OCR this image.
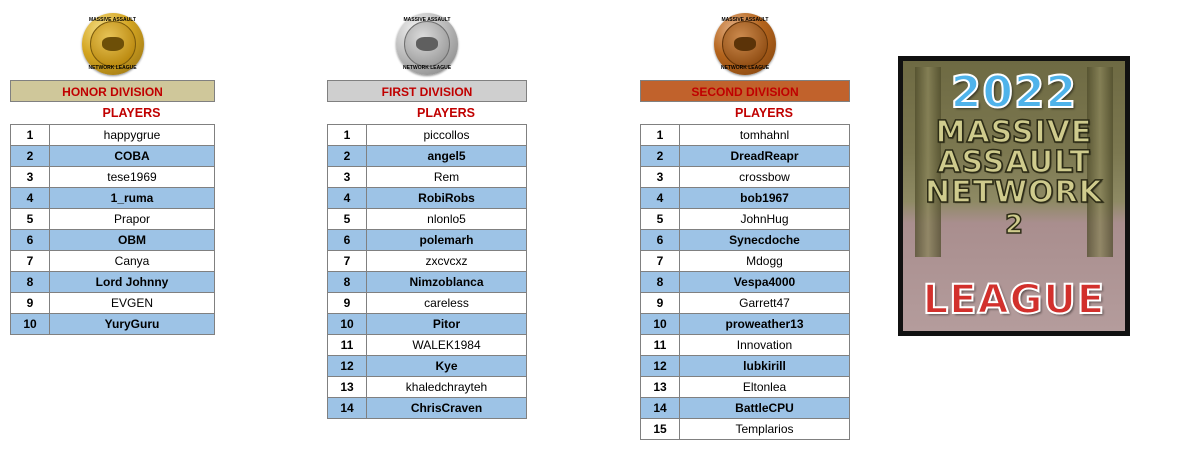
MASSIVE ASSAULT
NETWORK LEAGUE
HONOR DIVISION
PLAYERS
1	happygrue
2	COBA
3	tese1969
4	1_ruma
5	Prapor
6	OBM
7	Canya
8	Lord Johnny
9	EVGEN
10	YuryGuru
MASSIVE ASSAULT
NETWORK LEAGUE
FIRST DIVISION
PLAYERS
1	piccollos
2	angel5
3	Rem
4	RobiRobs
5	nlonlo5
6	polemarh
7	zxcvcxz
8	Nimzoblanca
9	careless
10	Pitor
11	WALEK1984
12	Kye
13	khaledchrayteh
14	ChrisCraven
MASSIVE ASSAULT
NETWORK LEAGUE
SECOND DIVISION
PLAYERS
1	tomhahnl
2	DreadReapr
3	crossbow
4	bob1967
5	JohnHug
6	Synecdoche
7	Mdogg
8	Vespa4000
9	Garrett47
10	proweather13
11	Innovation
12	lubkirill
13	Eltonlea
14	BattleCPU
15	Templarios
2022
MASSIVE
ASSAULT
NETWORK
2
LEAGUE
